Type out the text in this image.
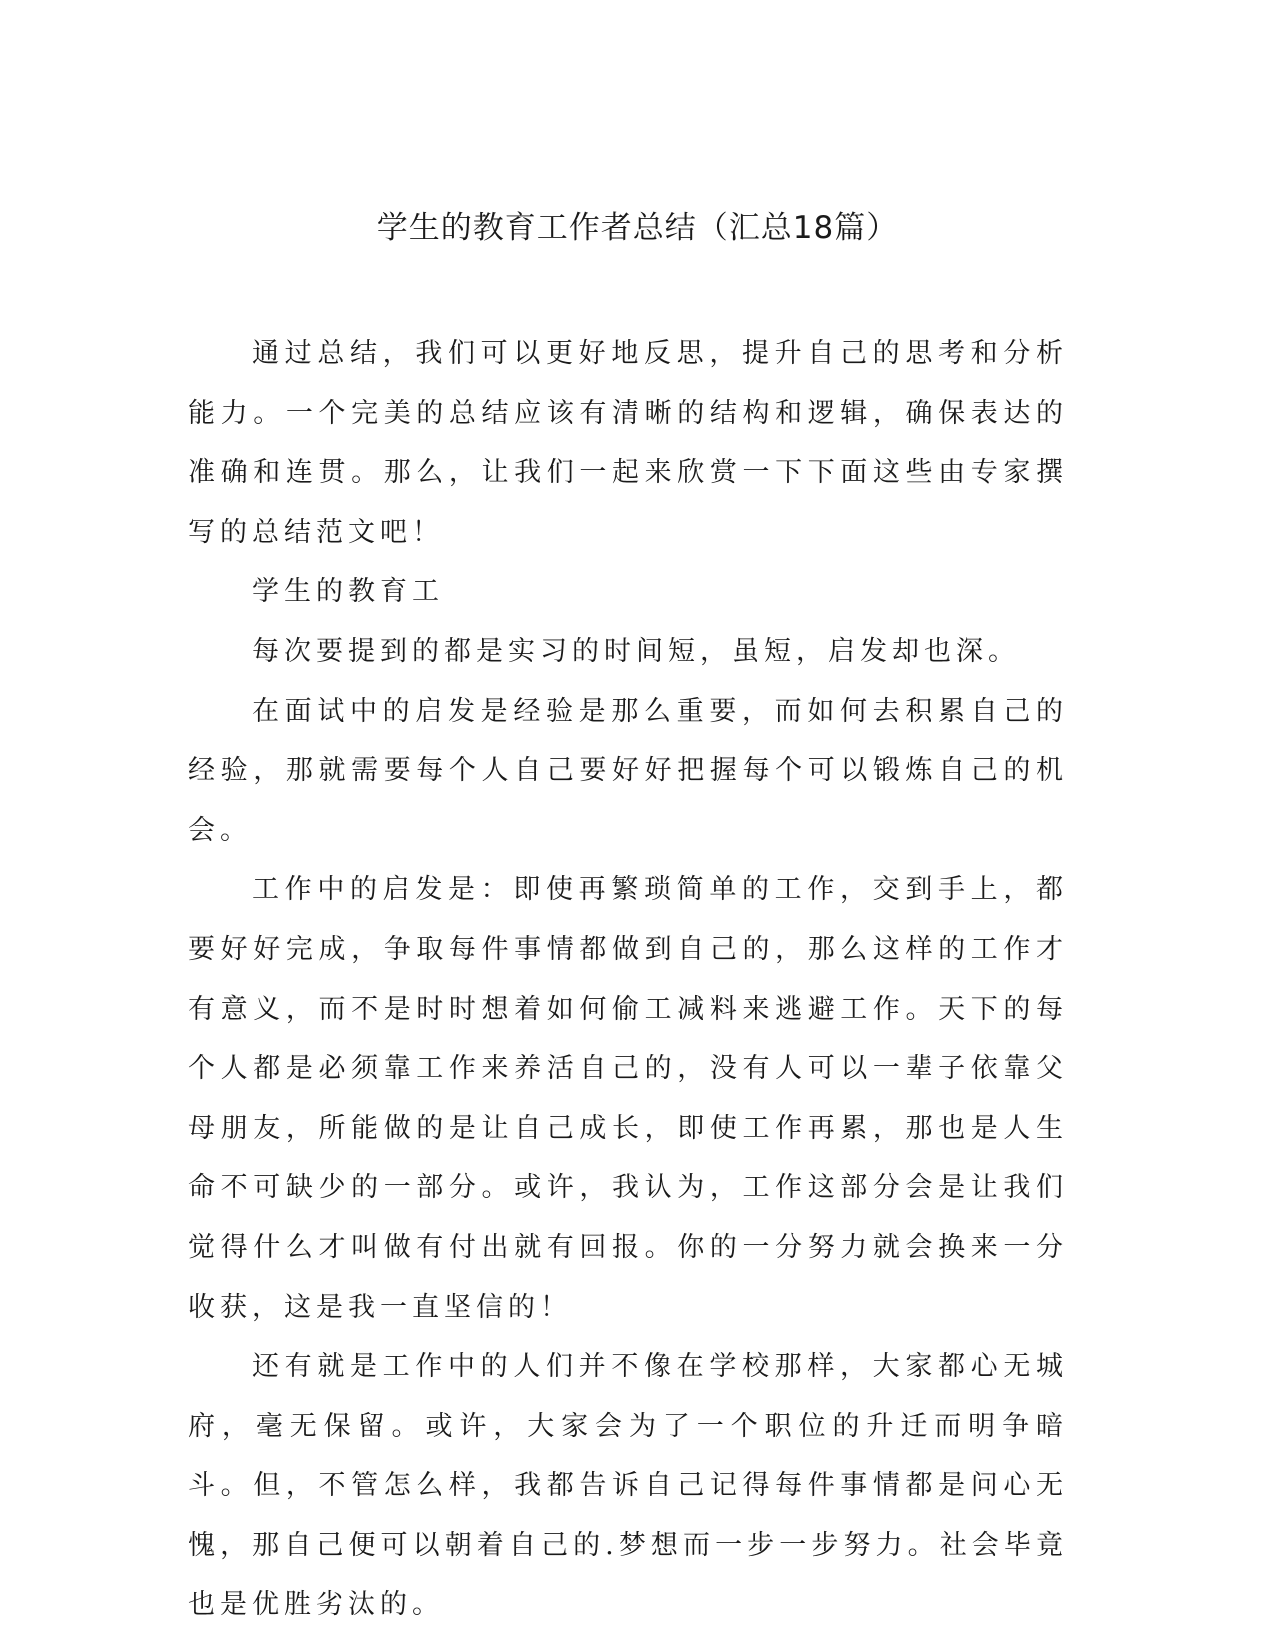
学生的教育工作者总结（汇总18篇）

通过总结，我们可以更好地反思，提升自己的思考和分析能力。一个完美的总结应该有清晰的结构和逻辑，确保表达的准确和连贯。那么，让我们一起来欣赏一下下面这些由专家撰写的总结范文吧！

学生的教育工

每次要提到的都是实习的时间短，虽短，启发却也深。

在面试中的启发是经验是那么重要，而如何去积累自己的经验，那就需要每个人自己要好好把握每个可以锻炼自己的机会。

工作中的启发是：即使再繁琐简单的工作，交到手上，都要好好完成，争取每件事情都做到自己的，那么这样的工作才有意义，而不是时时想着如何偷工减料来逃避工作。天下的每个人都是必须靠工作来养活自己的，没有人可以一辈子依靠父母朋友，所能做的是让自己成长，即使工作再累，那也是人生命不可缺少的一部分。或许，我认为，工作这部分会是让我们觉得什么才叫做有付出就有回报。你的一分努力就会换来一分收获，这是我一直坚信的！

还有就是工作中的人们并不像在学校那样，大家都心无城府，毫无保留。或许，大家会为了一个职位的升迁而明争暗斗。但，不管怎么样，我都告诉自己记得每件事情都是问心无愧，那自己便可以朝着自己的.梦想而一步一步努力。社会毕竟也是优胜劣汰的。
